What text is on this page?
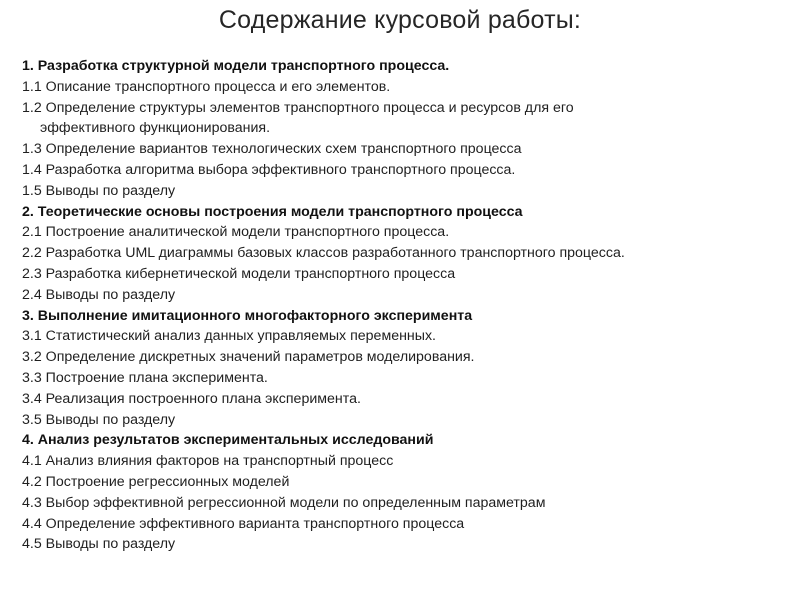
Содержание курсовой работы:
1. Разработка структурной модели транспортного процесса.
1.1 Описание транспортного процесса и его элементов.
1.2 Определение структуры элементов транспортного процесса и ресурсов для его
эффективного функционирования.
1.3 Определение вариантов технологических схем транспортного процесса
1.4 Разработка алгоритма выбора эффективного транспортного процесса.
1.5 Выводы по разделу
2. Теоретические основы построения модели транспортного процесса
2.1 Построение аналитической модели транспортного процесса.
2.2 Разработка UML диаграммы базовых классов разработанного транспортного процесса.
2.3 Разработка кибернетической модели транспортного процесса
2.4 Выводы по разделу
3. Выполнение имитационного многофакторного эксперимента
3.1 Статистический анализ данных управляемых переменных.
3.2 Определение дискретных значений параметров моделирования.
3.3 Построение плана эксперимента.
3.4 Реализация построенного плана эксперимента.
3.5 Выводы по разделу
4. Анализ результатов экспериментальных исследований
4.1 Анализ влияния факторов на транспортный процесс
4.2 Построение регрессионных моделей
4.3 Выбор эффективной регрессионной модели по определенным параметрам
4.4 Определение эффективного варианта транспортного процесса
4.5 Выводы по разделу
